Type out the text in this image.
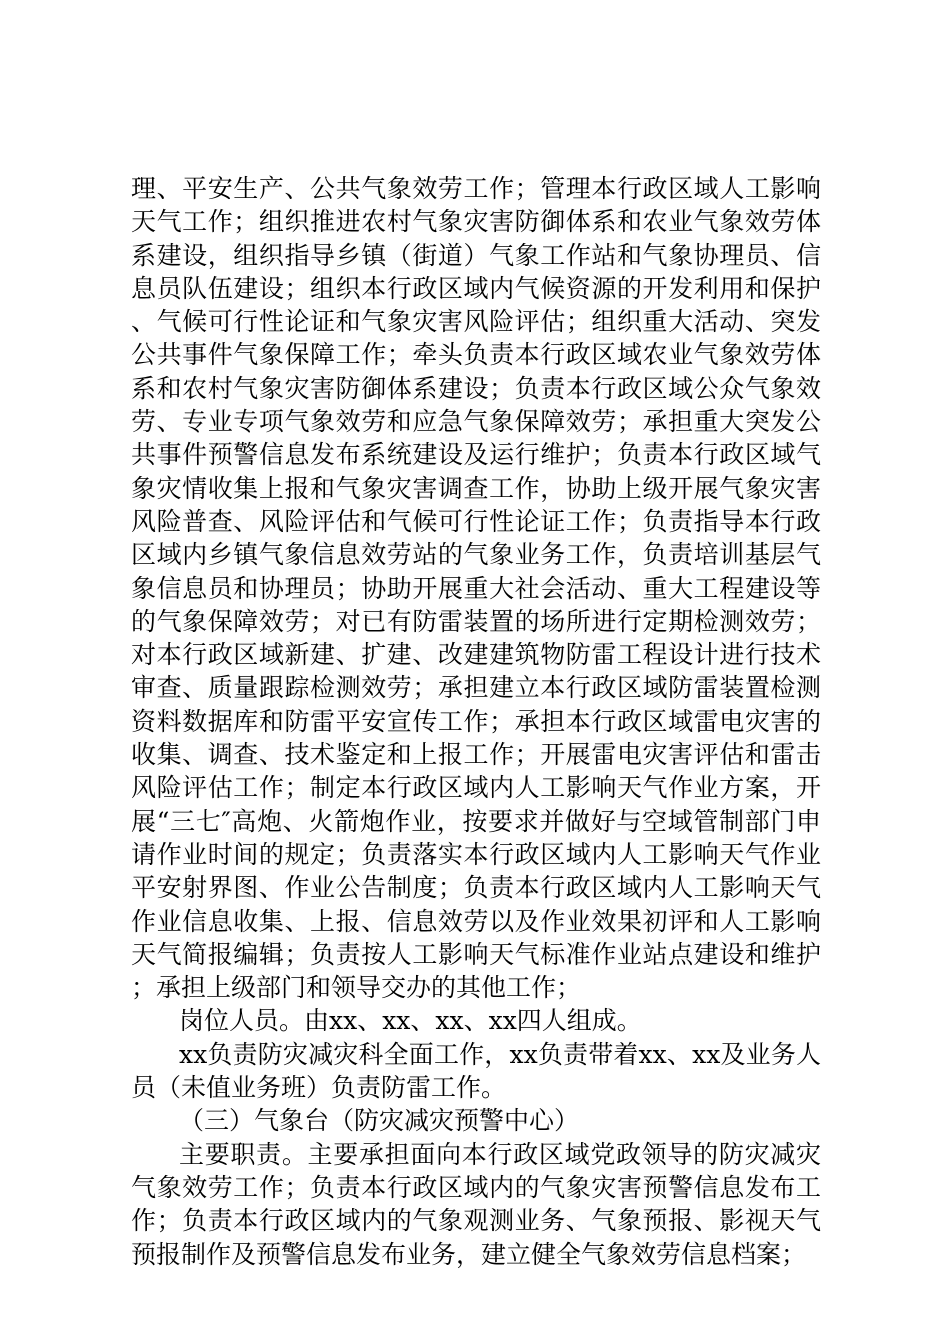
理、平安生产、公共气象效劳工作；管理本行政区域人工影响天气工作；组织推进农村气象灾害防御体系和农业气象效劳体系建设，组织指导乡镇（街道）气象工作站和气象协理员、信息员队伍建设；组织本行政区域内气候资源的开发利用和保护、气候可行性论证和气象灾害风险评估；组织重大活动、突发公共事件气象保障工作；牵头负责本行政区域农业气象效劳体系和农村气象灾害防御体系建设；负责本行政区域公众气象效劳、专业专项气象效劳和应急气象保障效劳；承担重大突发公共事件预警信息发布系统建设及运行维护；负责本行政区域气象灾情收集上报和气象灾害调查工作，协助上级开展气象灾害风险普查、风险评估和气候可行性论证工作；负责指导本行政区域内乡镇气象信息效劳站的气象业务工作，负责培训基层气象信息员和协理员；协助开展重大社会活动、重大工程建设等的气象保障效劳；对已有防雷装置的场所进行定期检测效劳；对本行政区域新建、扩建、改建建筑物防雷工程设计进行技术审查、质量跟踪检测效劳；承担建立本行政区域防雷装置检测资料数据库和防雷平安宣传工作；承担本行政区域雷电灾害的收集、调查、技术鉴定和上报工作；开展雷电灾害评估和雷击风险评估工作；制定本行政区域内人工影响天气作业方案，开展“三七″高炮、火箭炮作业，按要求并做好与空域管制部门申请作业时间的规定；负责落实本行政区域内人工影响天气作业平安射界图、作业公告制度；负责本行政区域内人工影响天气作业信息收集、上报、信息效劳以及作业效果初评和人工影响天气简报编辑；负责按人工影响天气标准作业站点建设和维护；承担上级部门和领导交办的其他工作；

岗位人员。由xx、xx、xx、xx四人组成。

xx负责防灾减灾科全面工作，xx负责带着xx、xx及业务人员（未值业务班）负责防雷工作。

（三）气象台（防灾减灾预警中心）

主要职责。主要承担面向本行政区域党政领导的防灾减灾气象效劳工作；负责本行政区域内的气象灾害预警信息发布工作；负责本行政区域内的气象观测业务、气象预报、影视天气预报制作及预警信息发布业务，建立健全气象效劳信息档案；
